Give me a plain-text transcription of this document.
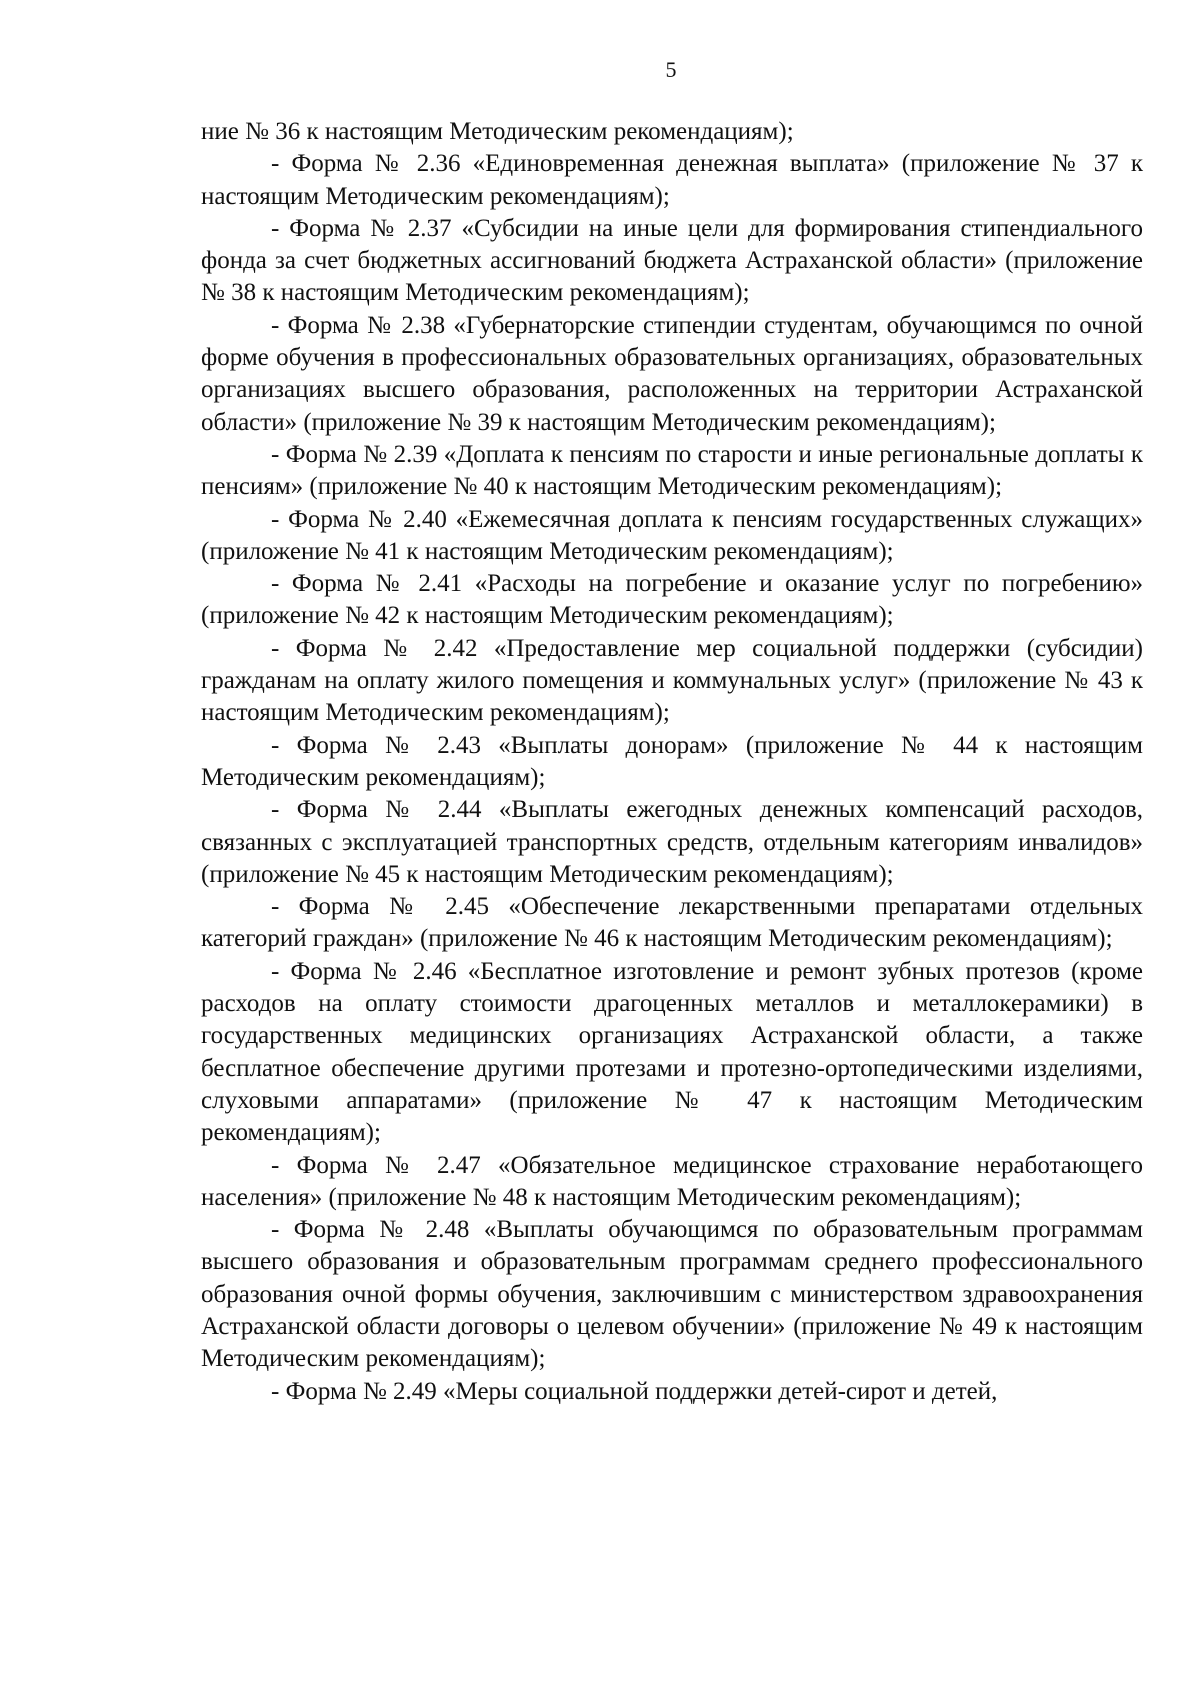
5

ние № 36 к настоящим Методическим рекомендациям);

- Форма № 2.36 «Единовременная денежная выплата» (приложение № 37 к настоящим Методическим рекомендациям);

- Форма № 2.37 «Субсидии на иные цели для формирования стипендиального фонда за счет бюджетных ассигнований бюджета Астраханской области» (приложение № 38 к настоящим Методическим рекомендациям);

- Форма № 2.38 «Губернаторские стипендии студентам, обучающимся по очной форме обучения в профессиональных образовательных организациях, образовательных организациях высшего образования, расположенных на территории Астраханской области» (приложение № 39 к настоящим Методическим рекомендациям);

- Форма № 2.39 «Доплата к пенсиям по старости и иные региональные доплаты к пенсиям» (приложение № 40 к настоящим Методическим рекомендациям);

- Форма № 2.40 «Ежемесячная доплата к пенсиям государственных служащих» (приложение № 41 к настоящим Методическим рекомендациям);

- Форма № 2.41 «Расходы на погребение и оказание услуг по погребению» (приложение № 42 к настоящим Методическим рекомендациям);

- Форма № 2.42 «Предоставление мер социальной поддержки (субсидии) гражданам на оплату жилого помещения и коммунальных услуг» (приложение № 43 к настоящим Методическим рекомендациям);

- Форма № 2.43 «Выплаты донорам» (приложение № 44 к настоящим Методическим рекомендациям);

- Форма № 2.44 «Выплаты ежегодных денежных компенсаций расходов, связанных с эксплуатацией транспортных средств, отдельным категориям инвалидов» (приложение № 45 к настоящим Методическим рекомендациям);

- Форма № 2.45 «Обеспечение лекарственными препаратами отдельных категорий граждан» (приложение № 46 к настоящим Методическим рекомендациям);

- Форма № 2.46 «Бесплатное изготовление и ремонт зубных протезов (кроме расходов на оплату стоимости драгоценных металлов и металлокерамики) в государственных медицинских организациях Астраханской области, а также бесплатное обеспечение другими протезами и протезно-ортопедическими изделиями, слуховыми аппаратами» (приложение № 47 к настоящим Методическим рекомендациям);

- Форма № 2.47 «Обязательное медицинское страхование неработающего населения» (приложение № 48 к настоящим Методическим рекомендациям);

- Форма № 2.48 «Выплаты обучающимся по образовательным программам высшего образования и образовательным программам среднего профессионального образования очной формы обучения, заключившим с министерством здравоохранения Астраханской области договоры о целевом обучении» (приложение № 49 к настоящим Методическим рекомендациям);

- Форма № 2.49 «Меры социальной поддержки детей-сирот и детей,
